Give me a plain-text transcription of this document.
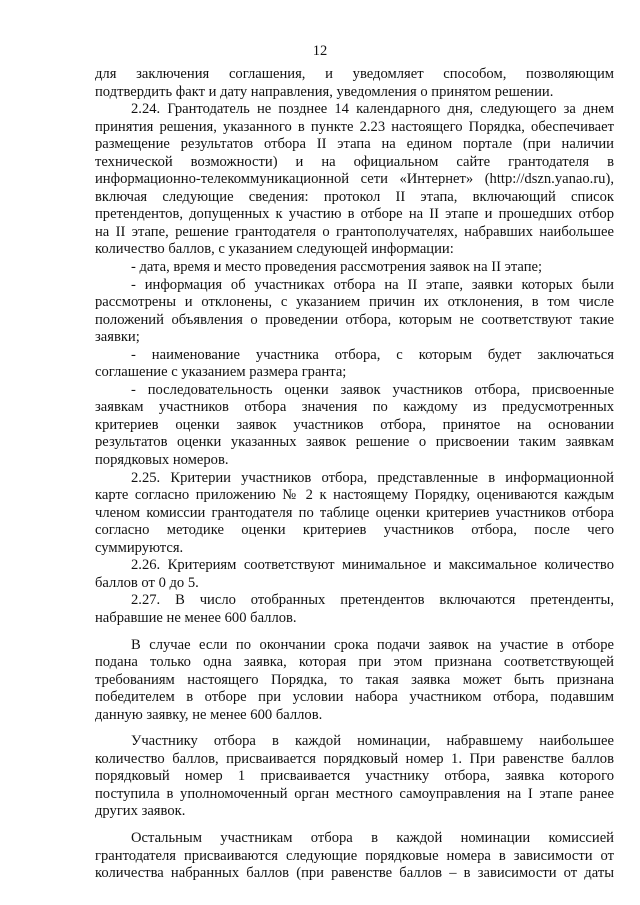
12

для заключения соглашения, и уведомляет способом, позволяющим

подтвердить факт и дату направления, уведомления о принятом решении.

2.24. Грантодатель не позднее 14 календарного дня, следующего за днем

принятия решения, указанного в пункте 2.23 настоящего Порядка, обеспечивает

размещение результатов отбора II этапа на едином портале (при наличии

технической возможности) и на официальном сайте грантодателя в

информационно-телекоммуникационной сети «Интернет» (http://dszn.yanao.ru),

включая следующие сведения: протокол II этапа, включающий список

претендентов, допущенных к участию в отборе на II этапе и прошедших отбор

на II этапе, решение грантодателя о грантополучателях, набравших наибольшее

количество баллов, с указанием следующей информации:

- дата, время и место проведения рассмотрения заявок на II этапе;

- информация об участниках отбора на II этапе, заявки которых были

рассмотрены и отклонены, с указанием причин их отклонения, в том числе

положений объявления о проведении отбора, которым не соответствуют такие

заявки;

- наименование участника отбора, с которым будет заключаться

соглашение с указанием размера гранта;

- последовательность оценки заявок участников отбора, присвоенные

заявкам участников отбора значения по каждому из предусмотренных

критериев оценки заявок участников отбора, принятое на основании

результатов оценки указанных заявок решение о присвоении таким заявкам

порядковых номеров.

2.25. Критерии участников отбора, представленные в информационной

карте согласно приложению № 2 к настоящему Порядку, оцениваются каждым

членом комиссии грантодателя по таблице оценки критериев участников отбора

согласно методике оценки критериев участников отбора, после чего

суммируются.

2.26. Критериям соответствуют минимальное и максимальное количество

баллов от 0 до 5.

2.27. В число отобранных претендентов включаются претенденты,

набравшие не менее 600 баллов.

В случае если по окончании срока подачи заявок на участие в отборе

подана только одна заявка, которая при этом признана соответствующей

требованиям настоящего Порядка, то такая заявка может быть признана

победителем в отборе при условии набора участником отбора, подавшим

данную заявку, не менее 600 баллов.

Участнику отбора в каждой номинации, набравшему наибольшее

количество баллов, присваивается порядковый номер 1. При равенстве баллов

порядковый номер 1 присваивается участнику отбора, заявка которого

поступила в уполномоченный орган местного самоуправления на I этапе ранее

других заявок.

Остальным участникам отбора в каждой номинации комиссией

грантодателя присваиваются следующие порядковые номера в зависимости от

количества набранных баллов (при равенстве баллов – в зависимости от даты
